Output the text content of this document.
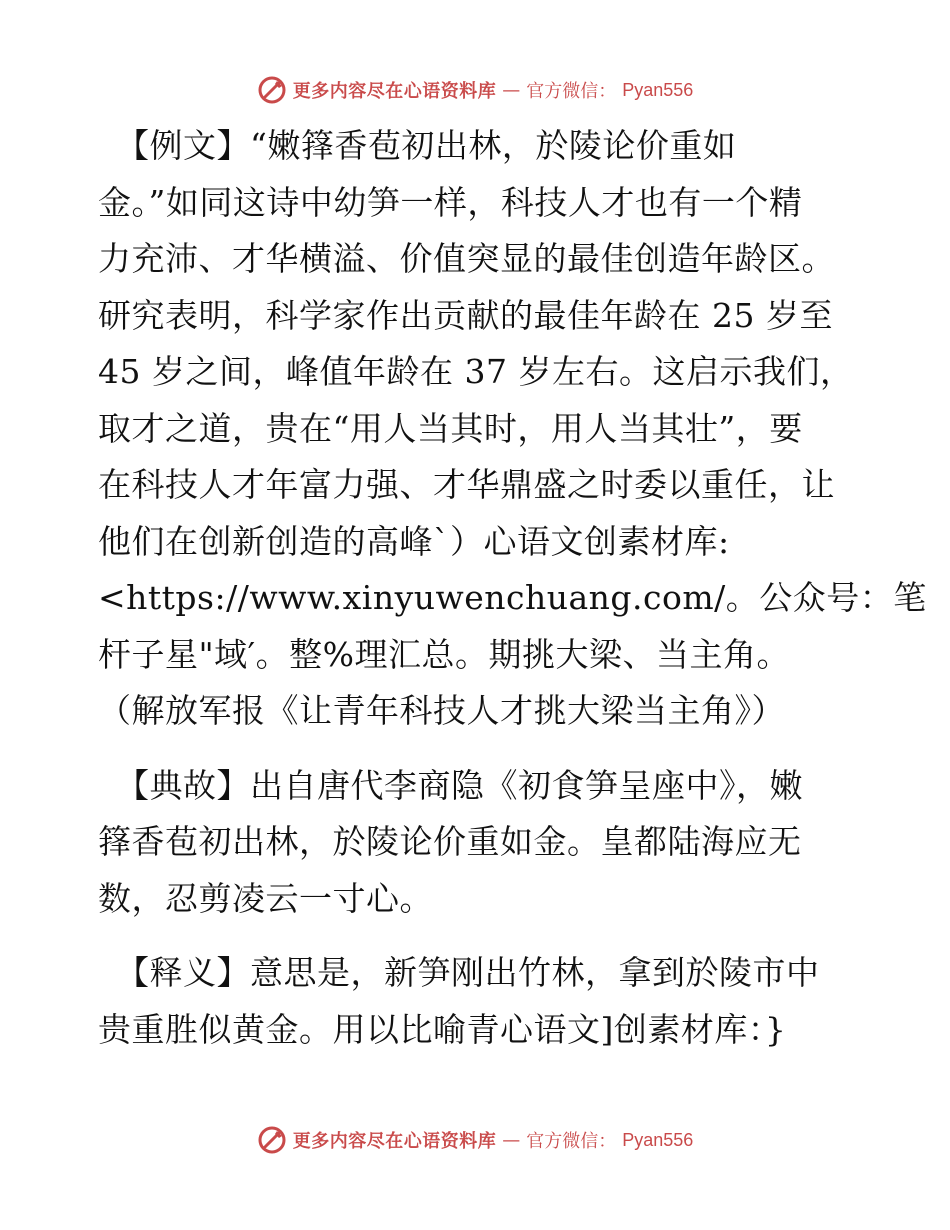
更多内容尽在心语资料库 — 官方微信： Pyan556

【例文】“嫩箨香苞初出林，於陵论价重如
金。”如同这诗中幼笋一样，科技人才也有一个精
力充沛、才华横溢、价值突显的最佳创造年龄区。
研究表明，科学家作出贡献的最佳年龄在 25 岁至
45 岁之间，峰值年龄在 37 岁左右。这启示我们，
取才之道，贵在“用人当其时，用人当其壮”，要
在科技人才年富力强、才华鼎盛之时委以重任，让
他们在创新创造的高峰`）心语文创素材库:
<https://www.xinyuwenchuang.com/。公众号：笔
杆子星"域′。整%理汇总。期挑大梁、当主角。
（解放军报《让青年科技人才挑大梁当主角》）

【典故】出自唐代李商隐《初食笋呈座中》，嫩
箨香苞初出林，於陵论价重如金。皇都陆海应无
数，忍剪凌云一寸心。

【释义】意思是，新笋刚出竹林，拿到於陵市中
贵重胜似黄金。用以比喻青心语文]创素材库：}

更多内容尽在心语资料库 — 官方微信： Pyan556
